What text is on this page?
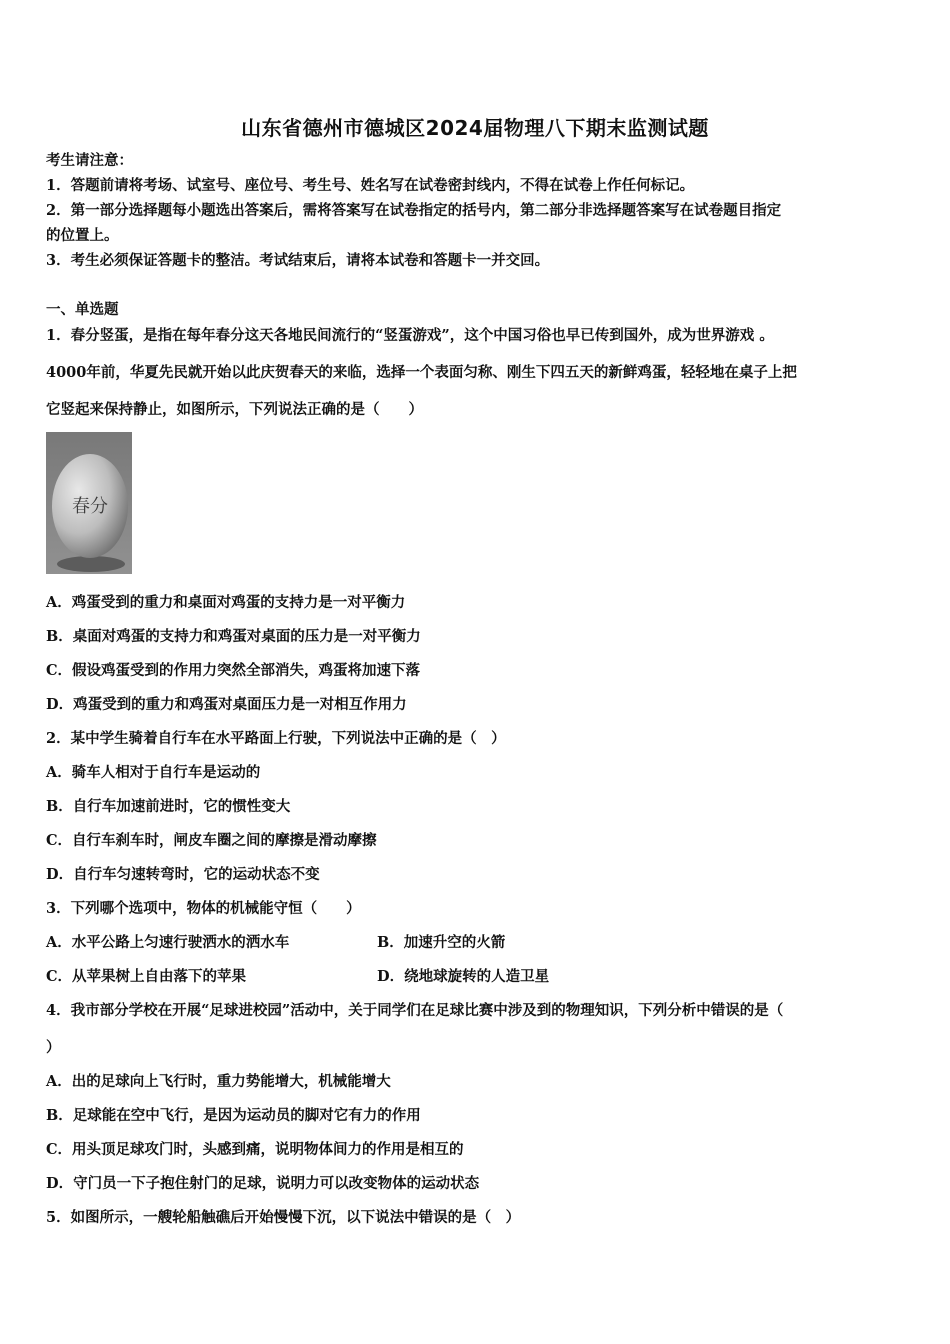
山东省德州市德城区2024届物理八下期末监测试题
考生请注意：
1．答题前请将考场、试室号、座位号、考生号、姓名写在试卷密封线内，不得在试卷上作任何标记。
2．第一部分选择题每小题选出答案后，需将答案写在试卷指定的括号内，第二部分非选择题答案写在试卷题目指定
的位置上。
3．考生必须保证答题卡的整洁。考试结束后，请将本试卷和答题卡一并交回。
一、单选题
1．春分竖蛋，是指在每年春分这天各地民间流行的“竖蛋游戏”，这个中国习俗也早已传到国外，成为世界游戏 。
4000年前，华夏先民就开始以此庆贺春天的来临，选择一个表面匀称、刚生下四五天的新鲜鸡蛋，轻轻地在桌子上把
它竖起来保持静止，如图所示，下列说法正确的是（　　）
春分
A．鸡蛋受到的重力和桌面对鸡蛋的支持力是一对平衡力
B．桌面对鸡蛋的支持力和鸡蛋对桌面的压力是一对平衡力
C．假设鸡蛋受到的作用力突然全部消失，鸡蛋将加速下落
D．鸡蛋受到的重力和鸡蛋对桌面压力是一对相互作用力
2．某中学生骑着自行车在水平路面上行驶，下列说法中正确的是（　）
A．骑车人相对于自行车是运动的
B．自行车加速前进时，它的惯性变大
C．自行车刹车时，闸皮车圈之间的摩擦是滑动摩擦
D．自行车匀速转弯时，它的运动状态不变
3．下列哪个选项中，物体的机械能守恒（　　）
A．水平公路上匀速行驶洒水的洒水车	B．加速升空的火箭
C．从苹果树上自由落下的苹果	D．绕地球旋转的人造卫星
4．我市部分学校在开展“足球进校园”活动中，关于同学们在足球比赛中涉及到的物理知识，下列分析中错误的是（
）
A．出的足球向上飞行时，重力势能增大，机械能增大
B．足球能在空中飞行，是因为运动员的脚对它有力的作用
C．用头顶足球攻门时，头感到痛，说明物体间力的作用是相互的
D．守门员一下子抱住射门的足球，说明力可以改变物体的运动状态
5．如图所示，一艘轮船触礁后开始慢慢下沉，以下说法中错误的是（　）
